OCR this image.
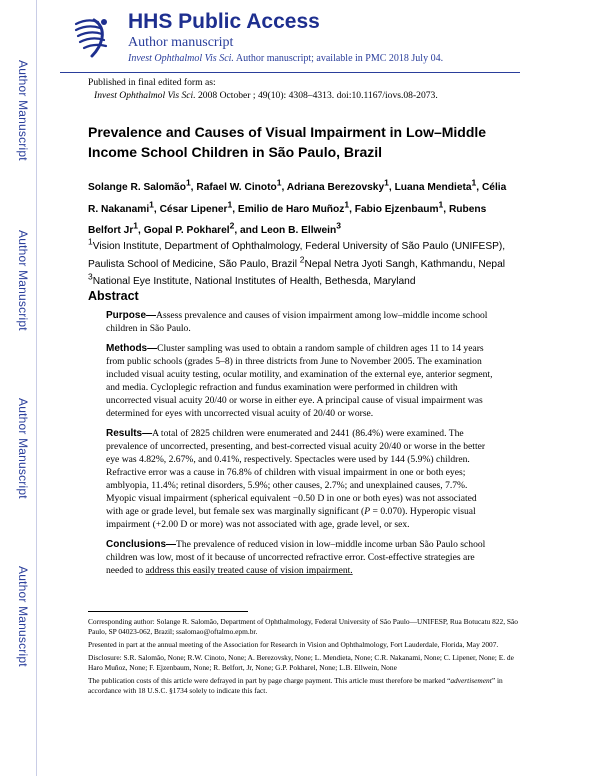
Author Manuscript
Author Manuscript
Author Manuscript
Author Manuscript
HHS Public Access
Author manuscript
Invest Ophthalmol Vis Sci. Author manuscript; available in PMC 2018 July 04.
Published in final edited form as:
Invest Ophthalmol Vis Sci. 2008 October ; 49(10): 4308–4313. doi:10.1167/iovs.08-2073.
Prevalence and Causes of Visual Impairment in Low–Middle Income School Children in São Paulo, Brazil
Solange R. Salomão$^1$, Rafael W. Cinoto$^1$, Adriana Berezovsky$^1$, Luana Mendieta$^1$, Célia R. Nakanami$^1$, César Lipener$^1$, Emilio de Haro Muñoz$^1$, Fabio Ejzenbaum$^1$, Rubens Belfort Jr$^1$, Gopal P. Pokharel$^2$, and Leon B. Ellwein$^3$
$^1$Vision Institute, Department of Ophthalmology, Federal University of São Paulo (UNIFESP), Paulista School of Medicine, São Paulo, Brazil $^2$Nepal Netra Jyoti Sangh, Kathmandu, Nepal
$^3$National Eye Institute, National Institutes of Health, Bethesda, Maryland
Abstract

Purpose—Assess prevalence and causes of vision impairment among low–middle income school children in São Paulo.

Methods—Cluster sampling was used to obtain a random sample of children ages 11 to 14 years from public schools (grades 5–8) in three districts from June to November 2005. The examination included visual acuity testing, ocular motility, and examination of the external eye, anterior segment, and media. Cycloplegic refraction and fundus examination were performed in children with uncorrected visual acuity 20/40 or worse in either eye. A principal cause of visual impairment was determined for eyes with uncorrected visual acuity of 20/40 or worse.

Results—A total of 2825 children were enumerated and 2441 (86.4%) were examined. The prevalence of uncorrected, presenting, and best-corrected visual acuity 20/40 or worse in the better eye was 4.82%, 2.67%, and 0.41%, respectively. Spectacles were used by 144 (5.9%) children. Refractive error was a cause in 76.8% of children with visual impairment in one or both eyes; amblyopia, 11.4%; retinal disorders, 5.9%; other causes, 2.7%; and unexplained causes, 7.7%. Myopic visual impairment (spherical equivalent −0.50 D in one or both eyes) was not associated with age or grade level, but female sex was marginally significant (P = 0.070). Hyperopic visual impairment (+2.00 D or more) was not associated with age, grade level, or sex.

Conclusions—The prevalence of reduced vision in low–middle income urban São Paulo school children was low, most of it because of uncorrected refractive error. Cost-effective strategies are needed to address this easily treated cause of vision impairment.

Corresponding author: Solange R. Salomão, Department of Ophthalmology, Federal University of São Paulo—UNIFESP, Rua Botucatu 822, São Paulo, SP 04023-062, Brazil; ssalomao@oftalmo.epm.br.

Presented in part at the annual meeting of the Association for Research in Vision and Ophthalmology, Fort Lauderdale, Florida, May 2007.

Disclosure: S.R. Salomão, None; R.W. Cinoto, None; A. Berezovsky, None; L. Mendieta, None; C.R. Nakanami, None; C. Lipener, None; E. de Haro Muñoz, None; F. Ejzenbaum, None; R. Belfort, Jr, None; G.P. Pokharel, None; L.B. Ellwein, None

The publication costs of this article were defrayed in part by page charge payment. This article must therefore be marked “advertisement” in accordance with 18 U.S.C. §1734 solely to indicate this fact.
